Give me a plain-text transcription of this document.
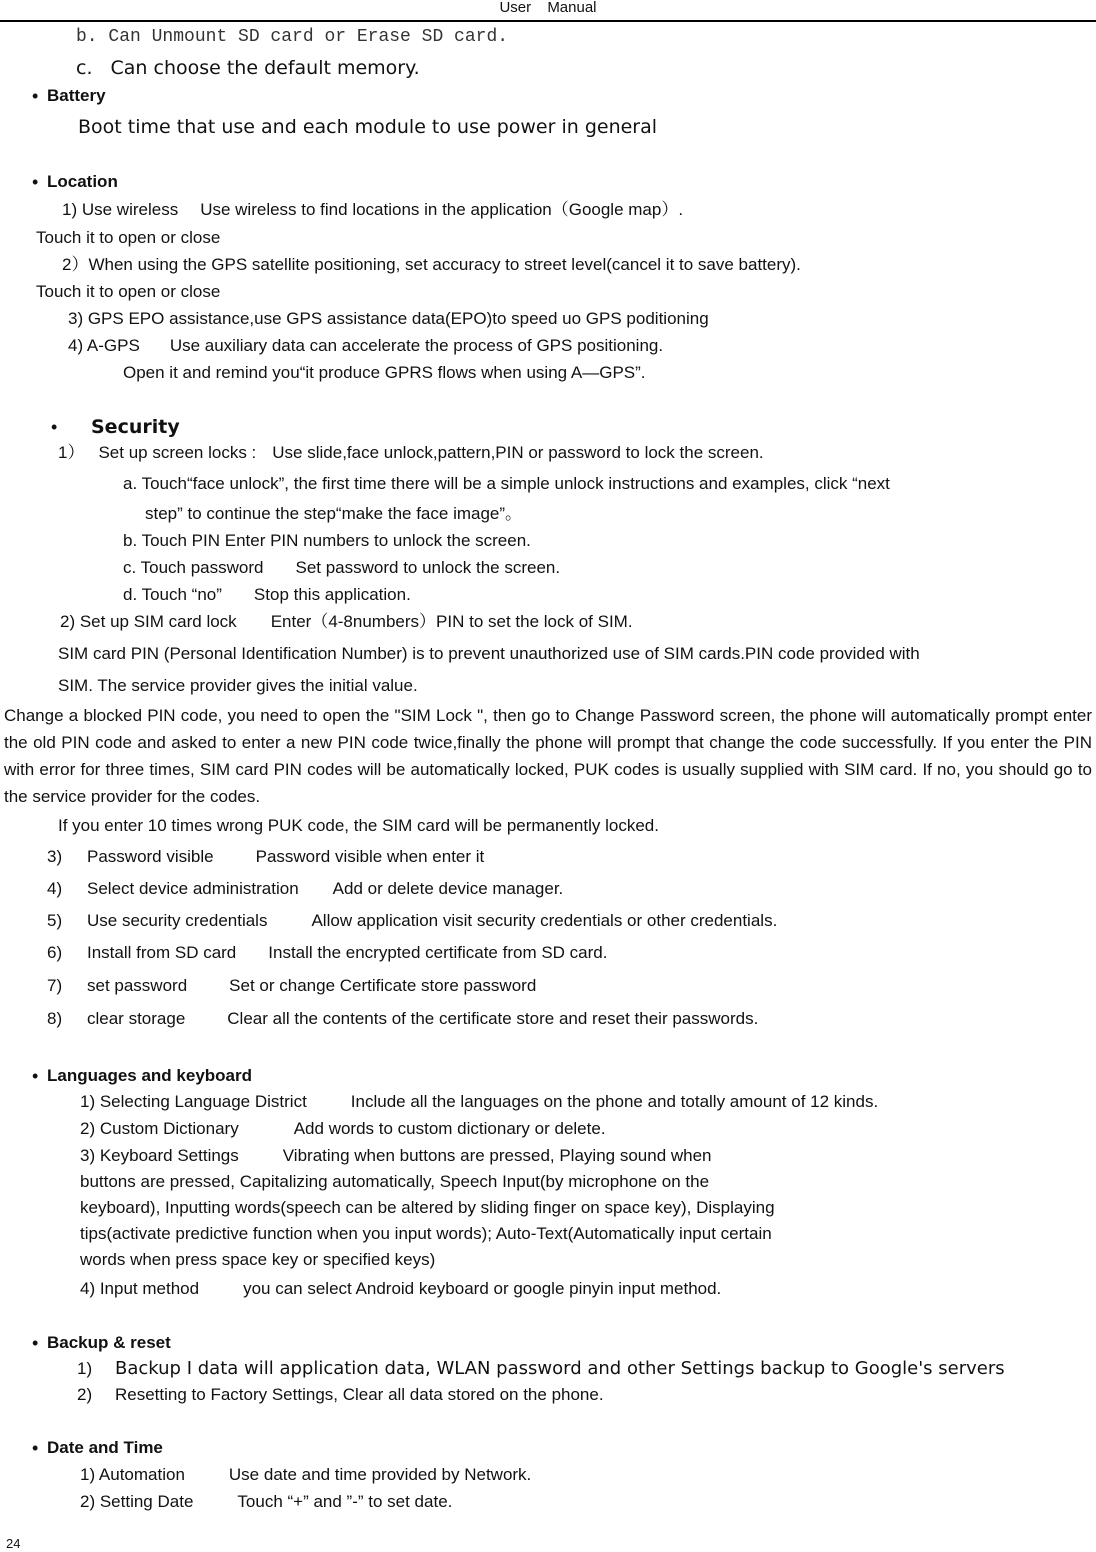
User Manual
b. Can Unmount SD card or Erase SD card.
c. Can choose the default memory.
• Battery
Boot time that use and each module to use power in general
• Location
1) Use wireless Use wireless to find locations in the application（Google map）.
Touch it to open or close
2）When using the GPS satellite positioning, set accuracy to street level(cancel it to save battery).
Touch it to open or close
3) GPS EPO assistance,use GPS assistance data(EPO)to speed uo GPS poditioning
4) A-GPS Use auxiliary data can accelerate the process of GPS positioning.
Open it and remind you“it produce GPRS flows when using A—GPS”.
• Security
1） Set up screen locks : Use slide,face unlock,pattern,PIN or password to lock the screen.
a. Touch“face unlock”, the first time there will be a simple unlock instructions and examples, click “next
step” to continue the step“make the face image”。
b. Touch PIN Enter PIN numbers to unlock the screen.
c. Touch password Set password to unlock the screen.
d. Touch “no” Stop this application.
2) Set up SIM card lock Enter（4-8numbers）PIN to set the lock of SIM.
SIM card PIN (Personal Identification Number) is to prevent unauthorized use of SIM cards.PIN code provided with
SIM. The service provider gives the initial value.
Change a blocked PIN code, you need to open the "SIM Lock ", then go to Change Password screen, the phone will automatically prompt enter the old PIN code and asked to enter a new PIN code twice,finally the phone will prompt that change the code successfully. If you enter the PIN with error for three times, SIM card PIN codes will be automatically locked, PUK codes is usually supplied with SIM card. If no, you should go to the service provider for the codes.
If you enter 10 times wrong PUK code, the SIM card will be permanently locked.
3) Password visible Password visible when enter it
4) Select device administration Add or delete device manager.
5) Use security credentials	Allow application visit security credentials or other credentials.
6) Install from SD card Install the encrypted certificate from SD card.
7) set password Set or change Certificate store password
8) clear storage Clear all the contents of the certificate store and reset their passwords.
• Languages and keyboard
1) Selecting Language District	Include all the languages on the phone and totally amount of 12 kinds.
2) Custom Dictionary	Add words to custom dictionary or delete.
3) Keyboard Settings	Vibrating when buttons are pressed, Playing sound when
buttons are pressed, Capitalizing automatically, Speech Input(by microphone on the
keyboard), Inputting words(speech can be altered by sliding finger on space key), Displaying
tips(activate predictive function when you input words); Auto-Text(Automatically input certain
words when press space key or specified keys)
4) Input method	you can select Android keyboard or google pinyin input method.
• Backup & reset
1) Backup I data will application data, WLAN password and other Settings backup to Google's servers
2) Resetting to Factory Settings, Clear all data stored on the phone.
• Date and Time
1) Automation	Use date and time provided by Network.
2) Setting Date	Touch “+” and ”-” to set date.
24
